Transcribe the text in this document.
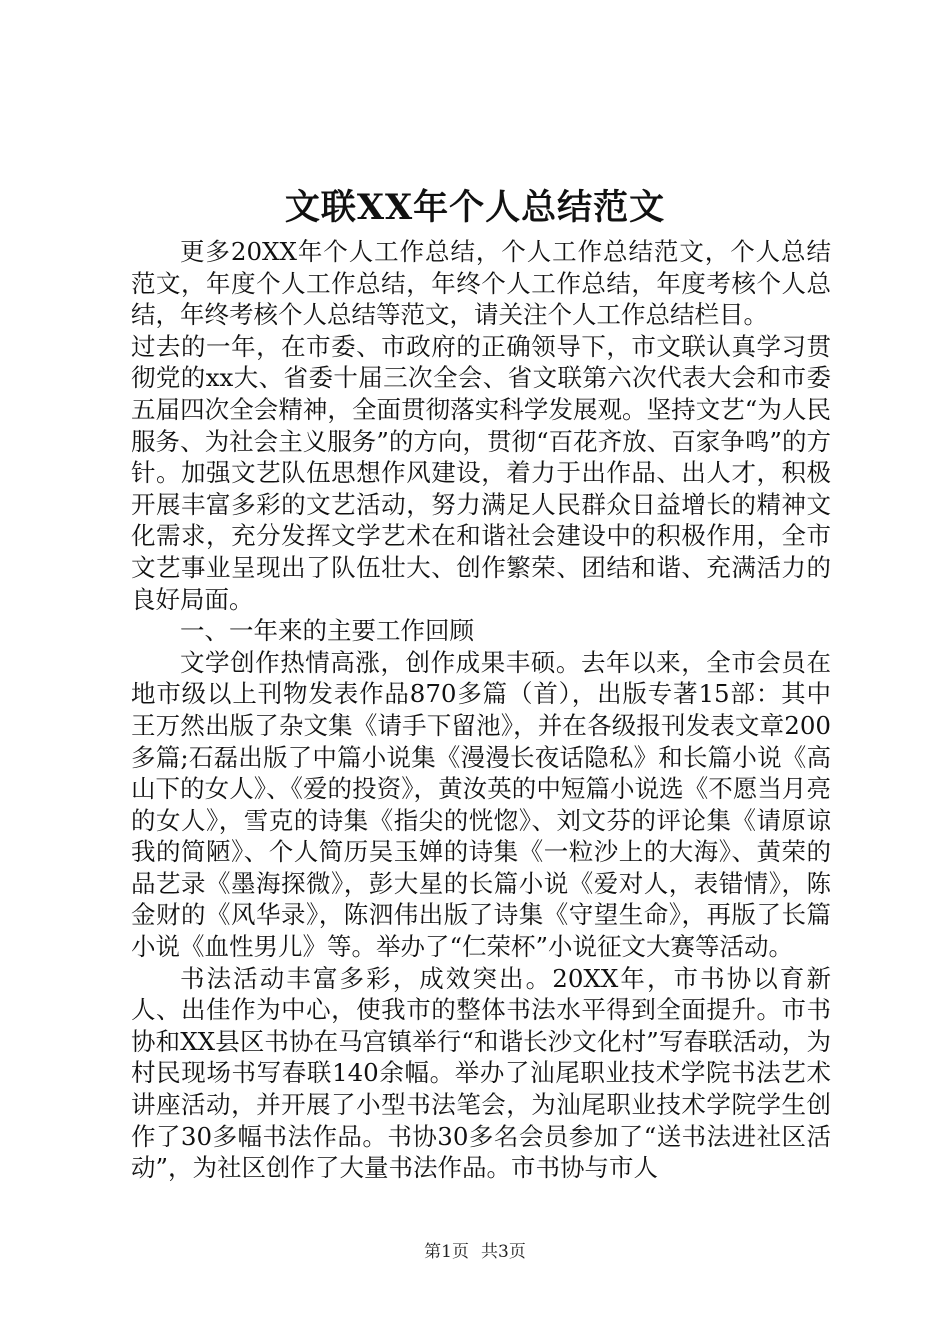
文联XX年个人总结范文

更多20XX年个人工作总结，个人工作总结范文，个人总结范文，年度个人工作总结，年终个人工作总结，年度考核个人总结，年终考核个人总结等范文，请关注个人工作总结栏目。

过去的一年，在市委、市政府的正确领导下，市文联认真学习贯彻党的xx大、省委十届三次全会、省文联第六次代表大会和市委五届四次全会精神，全面贯彻落实科学发展观。坚持文艺“为人民服务、为社会主义服务”的方向，贯彻“百花齐放、百家争鸣”的方针。加强文艺队伍思想作风建设，着力于出作品、出人才，积极开展丰富多彩的文艺活动，努力满足人民群众日益增长的精神文化需求，充分发挥文学艺术在和谐社会建设中的积极作用，全市文艺事业呈现出了队伍壮大、创作繁荣、团结和谐、充满活力的良好局面。

一、一年来的主要工作回顾

文学创作热情高涨，创作成果丰硕。去年以来，全市会员在地市级以上刊物发表作品870多篇（首），出版专著15部：其中王万然出版了杂文集《请手下留池》，并在各级报刊发表文章200多篇;石磊出版了中篇小说集《漫漫长夜话隐私》和长篇小说《高山下的女人》、《爱的投资》，黄汝英的中短篇小说选《不愿当月亮的女人》，雪克的诗集《指尖的恍惚》、刘文芬的评论集《请原谅我的简陋》、个人简历吴玉婵的诗集《一粒沙上的大海》、黄荣的品艺录《墨海探微》，彭大星的长篇小说《爱对人，表错情》，陈金财的《风华录》，陈泗伟出版了诗集《守望生命》，再版了长篇小说《血性男儿》等。举办了“仁荣杯”小说征文大赛等活动。

书法活动丰富多彩，成效突出。20XX年，市书协以育新人、出佳作为中心，使我市的整体书法水平得到全面提升。市书协和XX县区书协在马宫镇举行“和谐长沙文化村”写春联活动，为村民现场书写春联140余幅。举办了汕尾职业技术学院书法艺术讲座活动，并开展了小型书法笔会，为汕尾职业技术学院学生创作了30多幅书法作品。书协30多名会员参加了“送书法进社区活动”，为社区创作了大量书法作品。市书协与市人

第1页 共3页
